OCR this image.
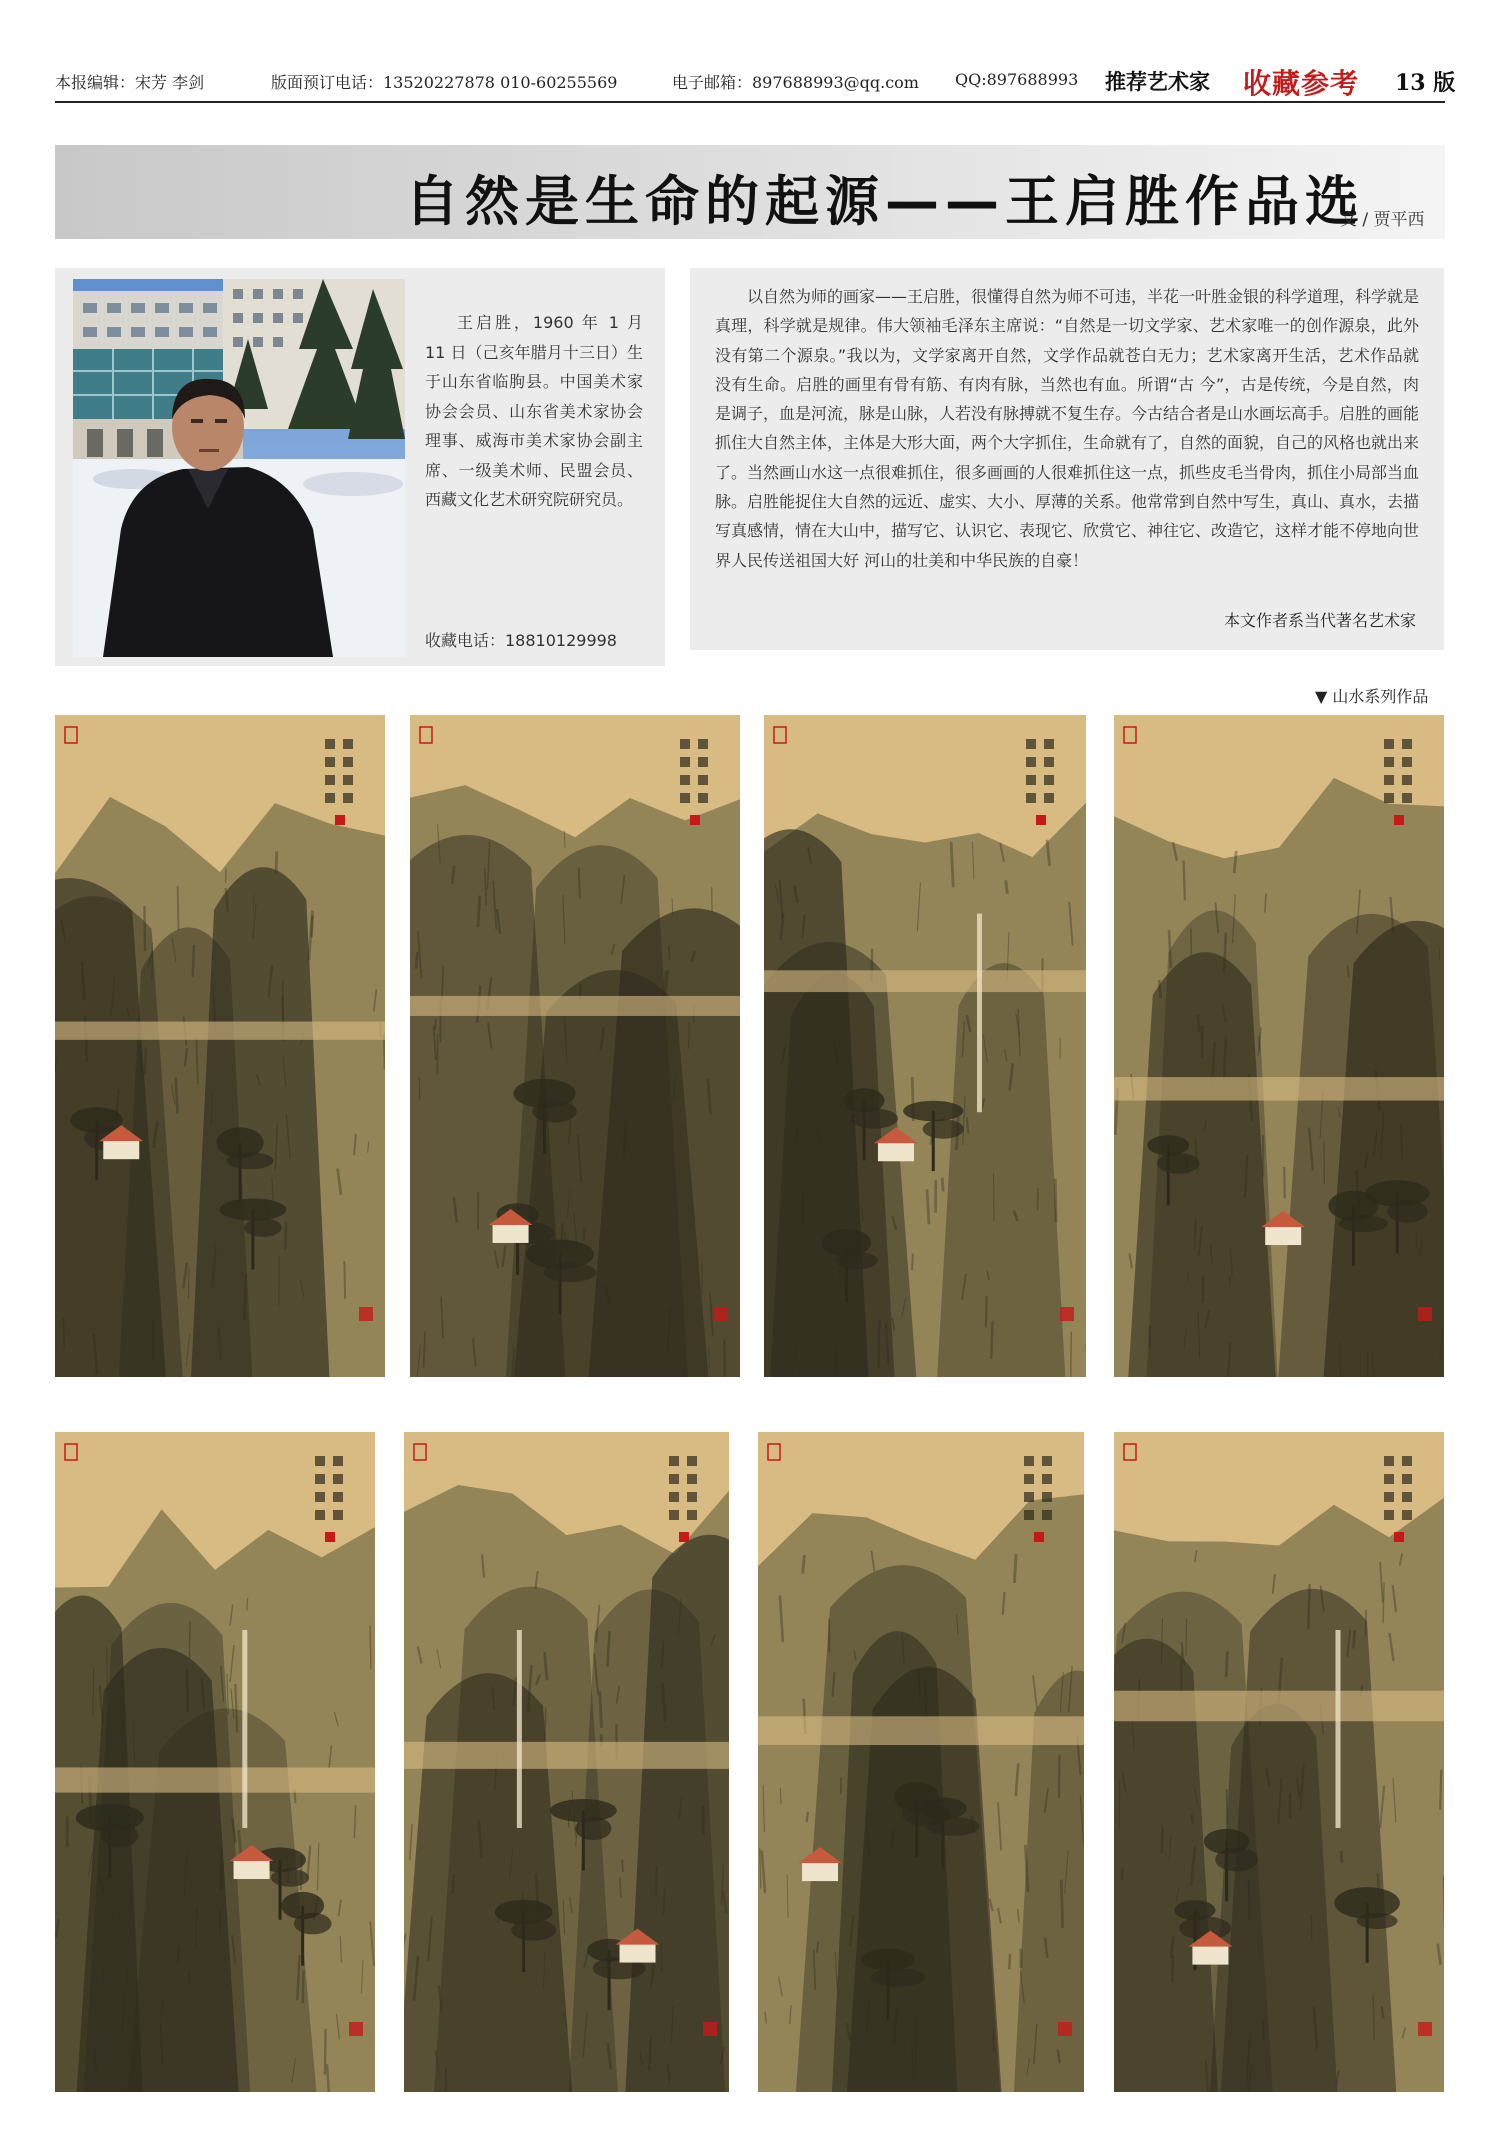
本报编辑：宋芳 李剑	版面预订电话：13520227878 010-60255569	电子邮箱：897688993@qq.com QQ:897688993 推荐艺术家 收藏参考 13 版
自然是生命的起源——王启胜作品选
文 / 贾平西
王启胜，1960 年 1 月 11 日（己亥年腊月十三日）生于山东省临朐县。中国美术家协会会员、山东省美术家协会理事、威海市美术家协会副主席、一级美术师、民盟会员、西藏文化艺术研究院研究员。
收藏电话：18810129998
以自然为师的画家——王启胜，很懂得自然为师不可违，半花一叶胜金银的科学道理，科学就是真理，科学就是规律。伟大领袖毛泽东主席说：“自然是一切文学家、艺术家唯一的创作源泉，此外没有第二个源泉。”我以为，文学家离开自然，文学作品就苍白无力；艺术家离开生活，艺术作品就没有生命。启胜的画里有骨有筋、有肉有脉，当然也有血。所谓“古 今”，古是传统，今是自然，肉是调子，血是河流，脉是山脉，人若没有脉搏就不复生存。今古结合者是山水画坛高手。启胜的画能抓住大自然主体，主体是大形大面，两个大字抓住，生命就有了，自然的面貌，自己的风格也就出来了。当然画山水这一点很难抓住，很多画画的人很难抓住这一点，抓些皮毛当骨肉，抓住小局部当血脉。启胜能捉住大自然的远近、虚实、大小、厚薄的关系。他常常到自然中写生，真山、真水，去描写真感情，情在大山中，描写它、认识它、表现它、欣赏它、神往它、改造它，这样才能不停地向世界人民传送祖国大好 河山的壮美和中华民族的自豪！
本文作者系当代著名艺术家
▼ 山水系列作品
